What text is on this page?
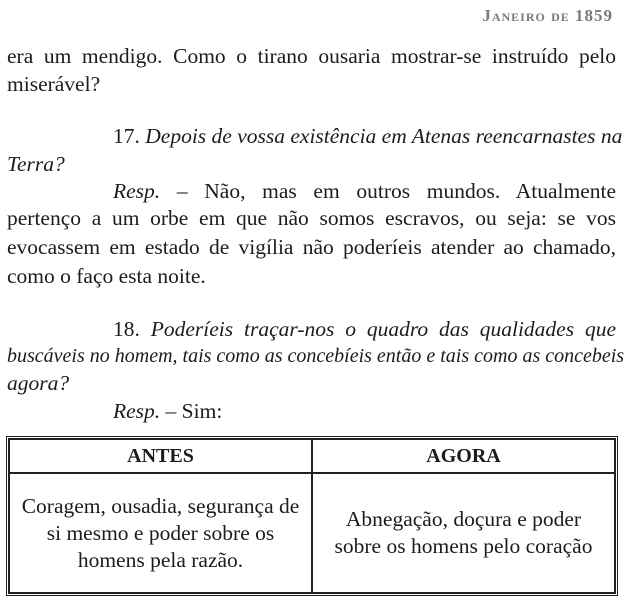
Janeiro de 1859
era um mendigo. Como o tirano ousaria mostrar-se instruído pelo
miserável?
17. Depois de vossa existência em Atenas reencarnastes na
Terra?
Resp. – Não, mas em outros mundos. Atualmente
pertenço a um orbe em que não somos escravos, ou seja: se vos
evocassem em estado de vigília não poderíeis atender ao chamado,
como o faço esta noite.
18. Poderíeis traçar-nos o quadro das qualidades que
buscáveis no homem, tais como as concebíeis então e tais como as concebeis
agora?
Resp. – Sim:
ANTES	AGORA
Coragem, ousadia, segurança de
si mesmo e poder sobre os
homens pela razão.
Abnegação, doçura e poder
sobre os homens pelo coração
